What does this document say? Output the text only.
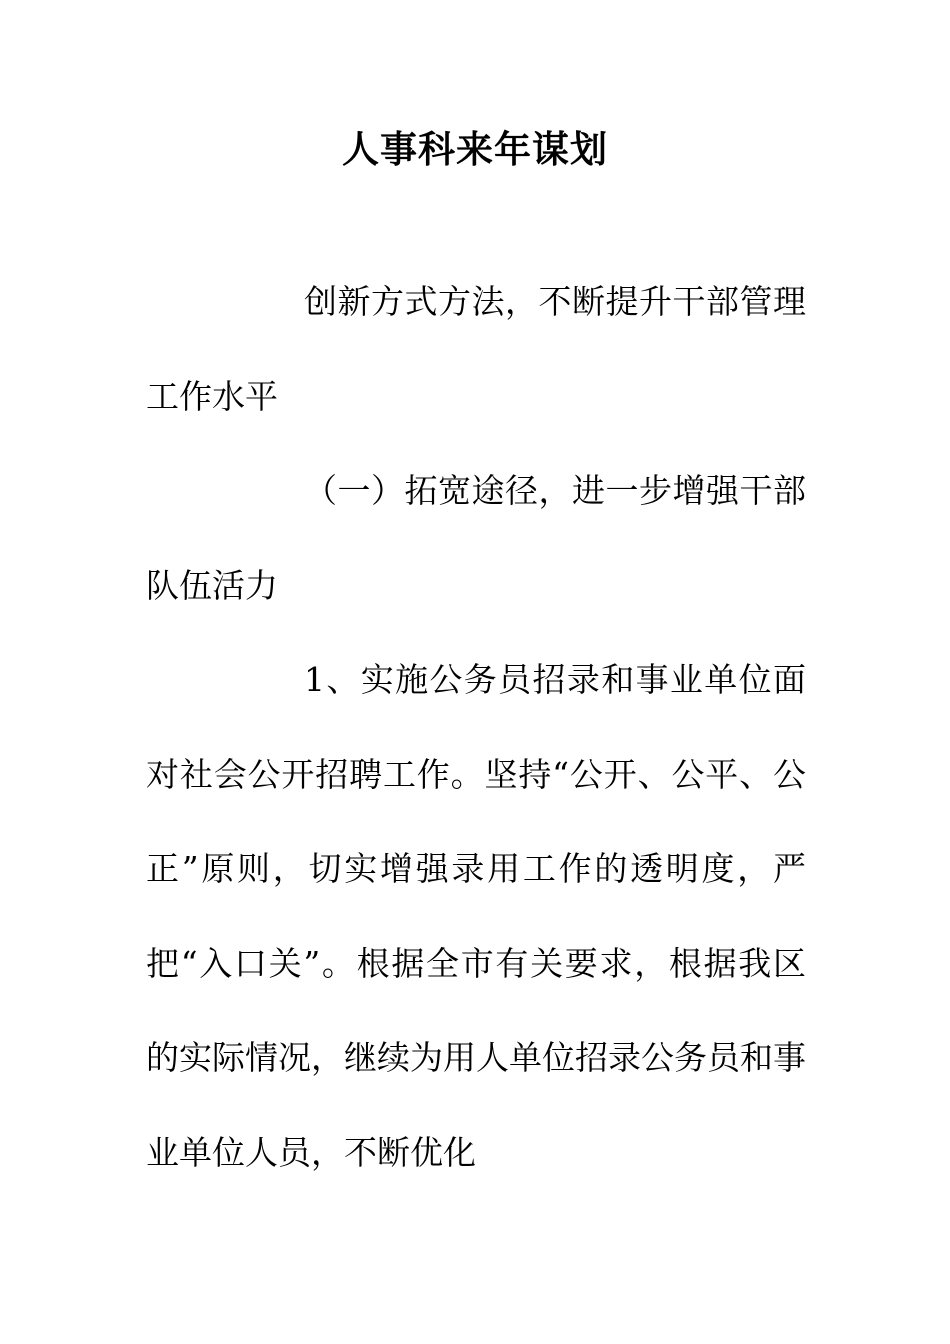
人事科来年谋划

创新方式方法，不断提升干部管理工作水平

（一）拓宽途径，进一步增强干部队伍活力

1、实施公务员招录和事业单位面对社会公开招聘工作。坚持“公开、公平、公正”原则，切实增强录用工作的透明度，严把“入口关”。根据全市有关要求，根据我区的实际情况，继续为用人单位招录公务员和事业单位人员，不断优化
